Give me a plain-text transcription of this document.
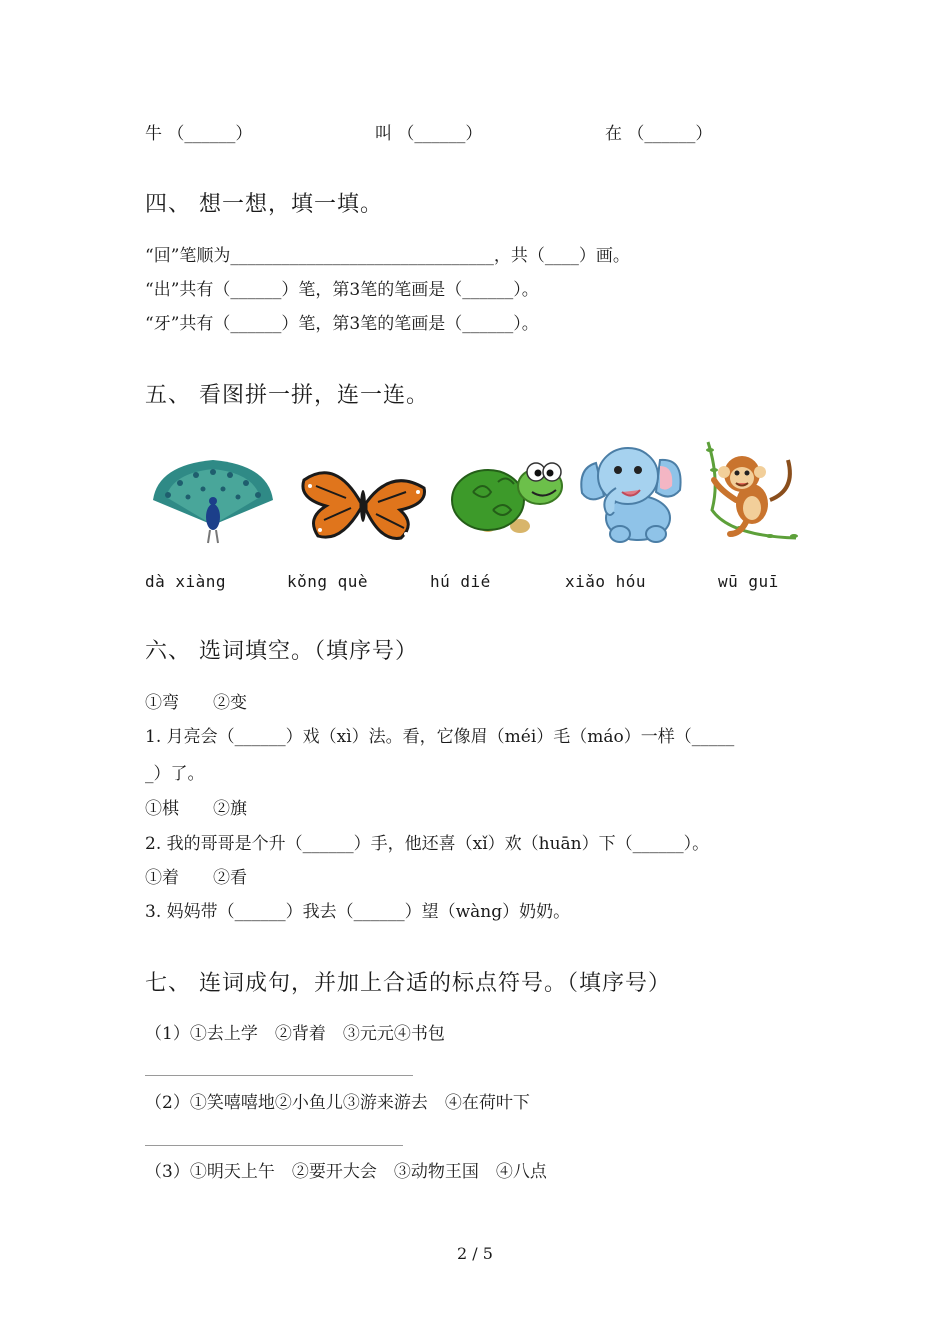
牛 （______）	叫 （______）	在 （______）
四、 想一想，填一填。
“回”笔顺为_______________________________，共（____）画。
“出”共有（______）笔，第3笔的笔画是（______）。
“牙”共有（______）笔，第3笔的笔画是（______）。
五、 看图拼一拼，连一连。
dà xiàng	kǒng què	hú dié	xiǎo hóu	wū guī
六、 选词填空。（填序号）
①弯　　②变
1. 月亮会（______）戏（xì）法。看，它像眉（méi）毛（máo）一样（_____
_）了。
①棋　　②旗
2. 我的哥哥是个升（______）手，他还喜（xǐ）欢（huān）下（______）。
①着　　②看
3. 妈妈带（______）我去（______）望（wàng）奶奶。
七、 连词成句，并加上合适的标点符号。（填序号）
（1）①去上学　②背着　③元元④书包
（2）①笑嘻嘻地②小鱼儿③游来游去　④在荷叶下
（3）①明天上午　②要开大会　③动物王国　④八点
2 / 5
